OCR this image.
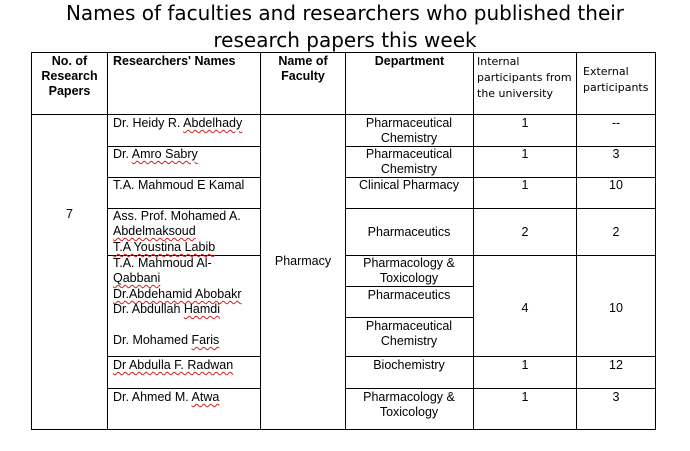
Names of faculties and researchers who published their
research papers this week
No. of Research Papers
Researchers' Names	Name of Faculty
Department	Internal participants from the university
External participants
7
Pharmacy
Dr. Heidy R. Abdelhady
Dr. Amro Sabry
T.A. Mahmoud E Kamal
Ass. Prof. Mohamed A. Abdelmaksoud
T.A Youstina Labib
T.A. Mahmoud Al-Qabbani
Dr.Abdehamid Abobakr
Dr. Abdullah Hamdi
Dr. Mohamed Faris
Dr Abdulla F. Radwan
Dr. Ahmed M. Atwa
Pharmaceutical Chemistry
Pharmaceutical Chemistry
Clinical Pharmacy
Pharmaceutics
Pharmacology & Toxicology
Pharmaceutics
Pharmaceutical Chemistry
Biochemistry
Pharmacology & Toxicology
1
1
1
2
4
1
1
--
3
10
2
10
12
3
